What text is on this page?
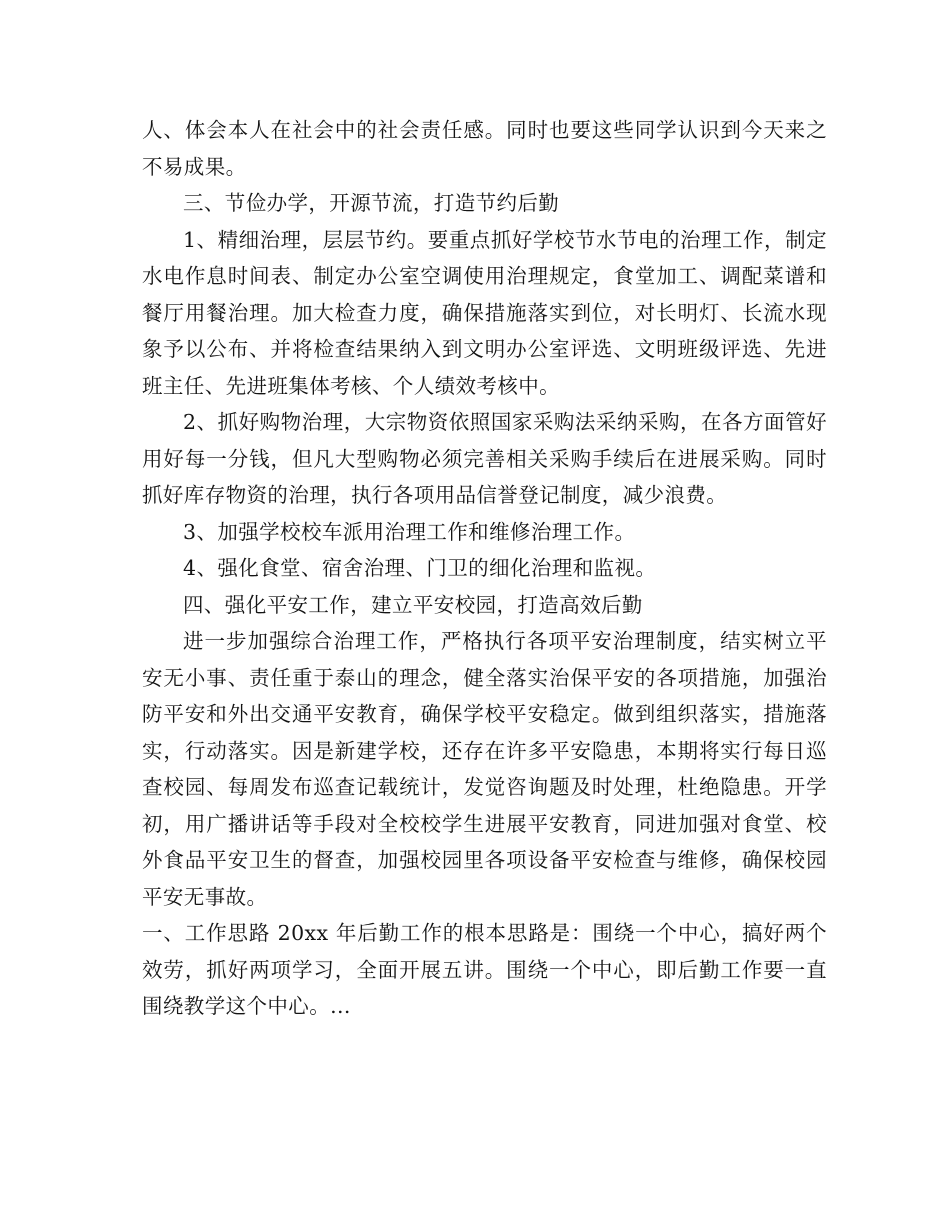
人、体会本人在社会中的社会责任感。同时也要这些同学认识到今天来之不易成果。

三、节俭办学，开源节流，打造节约后勤

1、精细治理，层层节约。要重点抓好学校节水节电的治理工作，制定水电作息时间表、制定办公室空调使用治理规定，食堂加工、调配菜谱和餐厅用餐治理。加大检查力度，确保措施落实到位，对长明灯、长流水现象予以公布、并将检查结果纳入到文明办公室评选、文明班级评选、先进班主任、先进班集体考核、个人绩效考核中。

2、抓好购物治理，大宗物资依照国家采购法采纳采购，在各方面管好用好每一分钱，但凡大型购物必须完善相关采购手续后在进展采购。同时抓好库存物资的治理，执行各项用品信誉登记制度，减少浪费。

3、加强学校校车派用治理工作和维修治理工作。

4、强化食堂、宿舍治理、门卫的细化治理和监视。

四、强化平安工作，建立平安校园，打造高效后勤

进一步加强综合治理工作，严格执行各项平安治理制度，结实树立平安无小事、责任重于泰山的理念，健全落实治保平安的各项措施，加强治防平安和外出交通平安教育，确保学校平安稳定。做到组织落实，措施落实，行动落实。因是新建学校，还存在许多平安隐患，本期将实行每日巡查校园、每周发布巡查记载统计，发觉咨询题及时处理，杜绝隐患。开学初，用广播讲话等手段对全校校学生进展平安教育，同进加强对食堂、校外食品平安卫生的督查，加强校园里各项设备平安检查与维修，确保校园平安无事故。

一、工作思路 20xx 年后勤工作的根本思路是：围绕一个中心，搞好两个效劳，抓好两项学习，全面开展五讲。围绕一个中心，即后勤工作要一直围绕教学这个中心。...
